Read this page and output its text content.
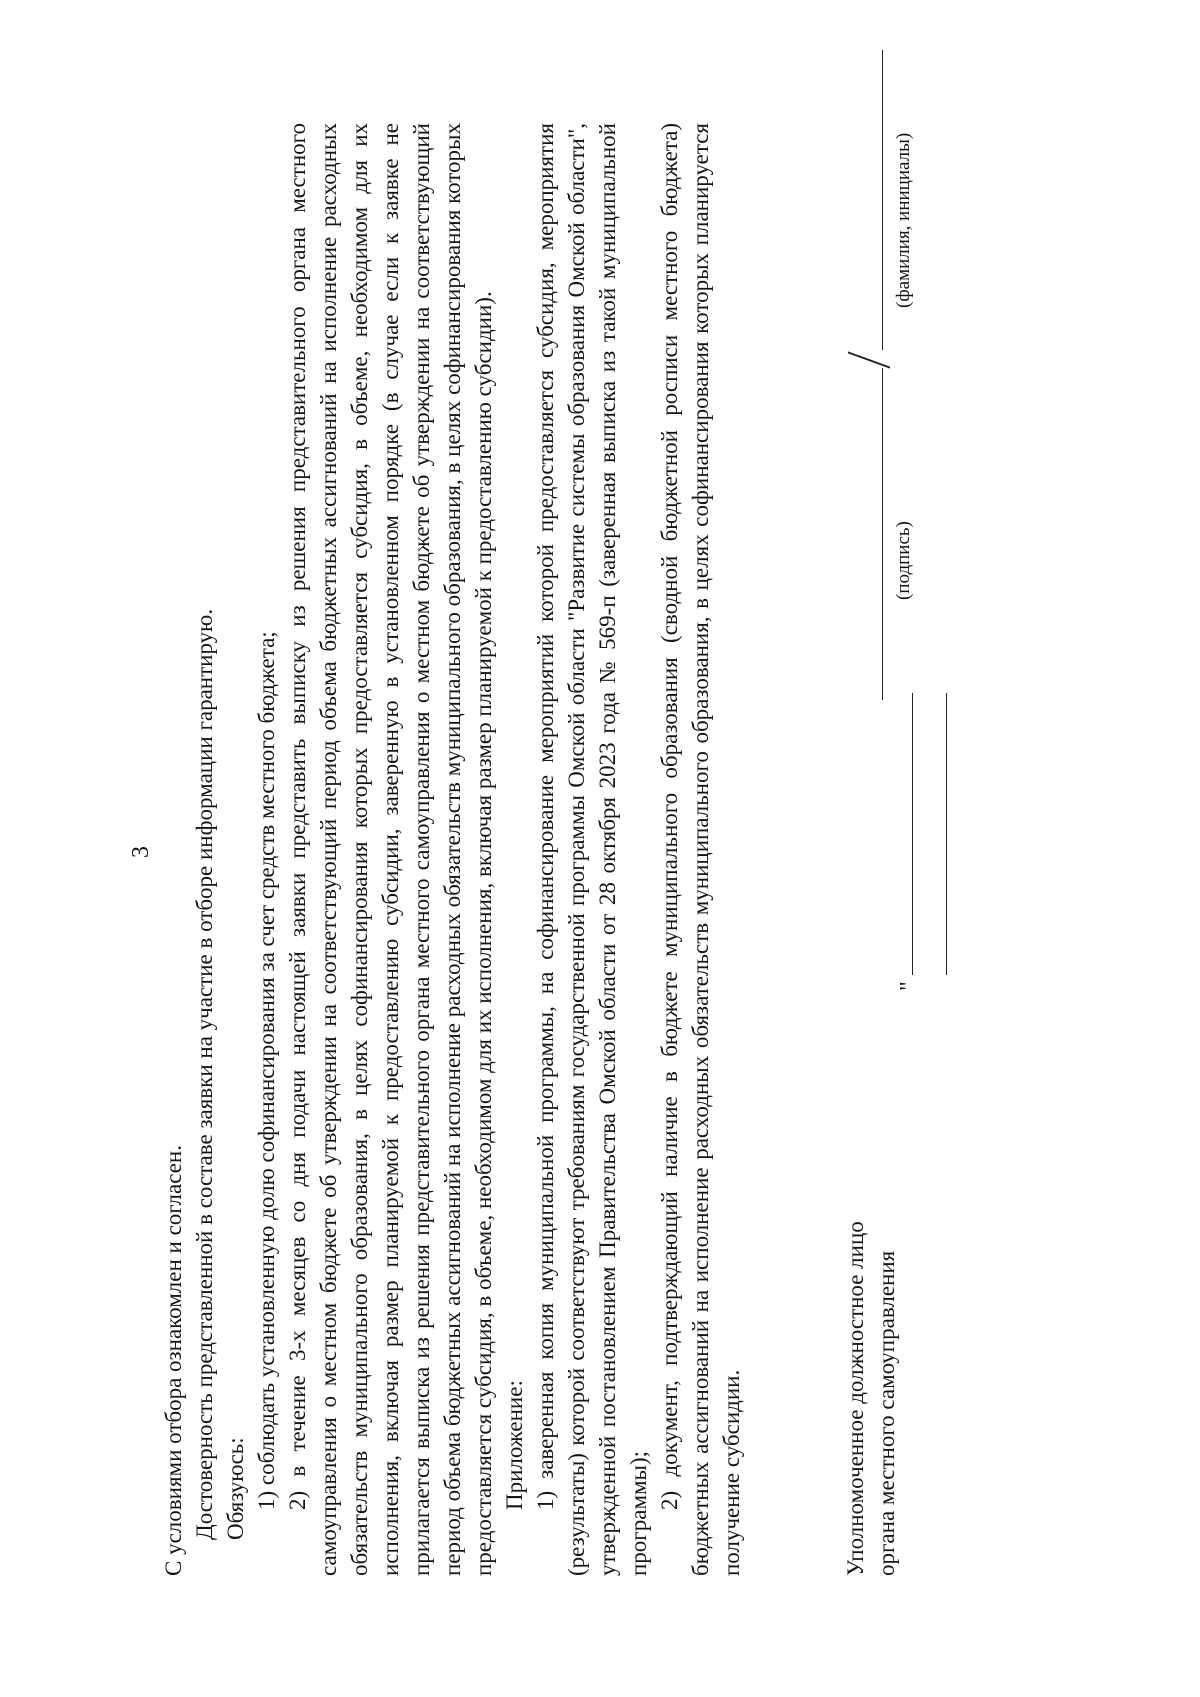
3

С условиями отбора ознакомлен и согласен. Достоверность представленной в составе заявки на участие в отборе информации гарантирую. Обязуюсь: 1) соблюдать установленную долю софинансирования за счет средств местного бюджета; 2) в течение 3-х месяцев со дня подачи настоящей заявки представить выписку из решения представительного органа местного самоуправления о местном бюджете об утверждении на соответствующий период объема бюджетных ассигнований на исполнение расходных обязательств муниципального образования, в целях софинансирования которых предоставляется субсидия, в объеме, необходимом для их исполнения, включая размер планируемой к предоставлению субсидии, заверенную в установленном порядке (в случае если к заявке не прилагается выписка из решения представительного органа местного самоуправления о местном бюджете об утверждении на соответствующий период объема бюджетных ассигнований на исполнение расходных обязательств муниципального образования, в целях софинансирования которых предоставляется субсидия, в объеме, необходимом для их исполнения, включая размер планируемой к предоставлению субсидии). Приложение: 1) заверенная копия муниципальной программы, на софинансирование мероприятий которой предоставляется субсидия, мероприятия (результаты) которой соответствуют требованиям государственной программы Омской области "Развитие системы образования Омской области", утвержденной постановлением Правительства Омской области от 28 октября 2023 года № 569-п (заверенная выписка из такой муниципальной программы);

2) документ, подтверждающий наличие в бюджете муниципального образования (сводной бюджетной росписи местного бюджета) бюджетных ассигнований на исполнение расходных обязательств муниципального образования, в целях софинансирования которых планируется получение субсидии.	Уполномоченное должностное лицо органа местного самоуправления
"
(подпись)
(фамилия, инициалы)
